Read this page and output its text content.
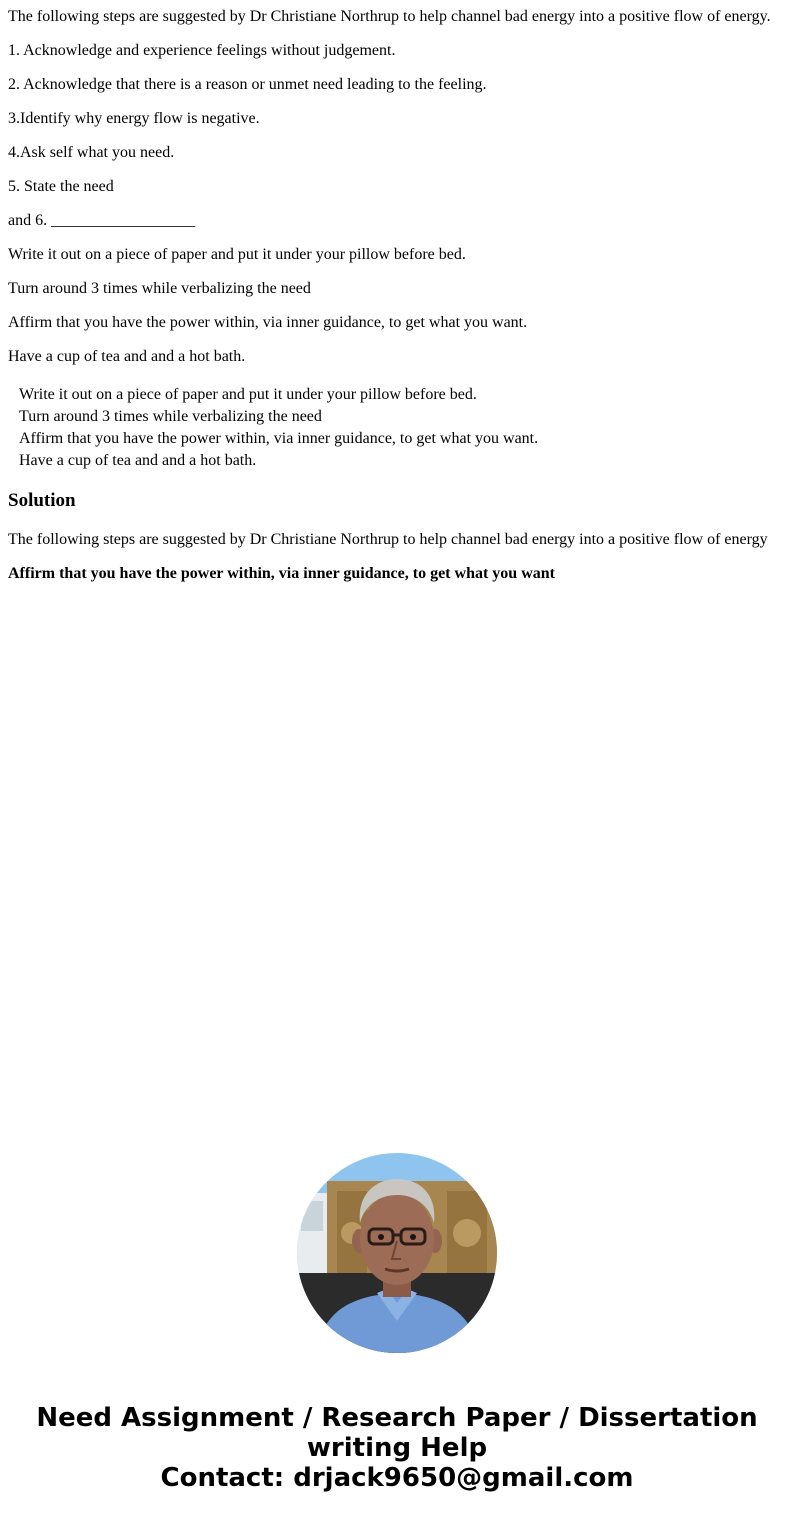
The following steps are suggested by Dr Christiane Northrup to help channel bad energy into a positive flow of energy.

1. Acknowledge and experience feelings without judgement.

2. Acknowledge that there is a reason or unmet need leading to the feeling.

3.Identify why energy flow is negative.

4.Ask self what you need.

5. State the need

and 6. __________________

Write it out on a piece of paper and put it under your pillow before bed.

Turn around 3 times while verbalizing the need

Affirm that you have the power within, via inner guidance, to get what you want.

Have a cup of tea and and a hot bath.

Write it out on a piece of paper and put it under your pillow before bed.
Turn around 3 times while verbalizing the need
Affirm that you have the power within, via inner guidance, to get what you want.
Have a cup of tea and and a hot bath.
Solution

The following steps are suggested by Dr Christiane Northrup to help channel bad energy into a positive flow of energy

Affirm that you have the power within, via inner guidance, to get what you want

Need Assignment / Research Paper / Dissertation
writing Help
Contact: drjack9650@gmail.com
